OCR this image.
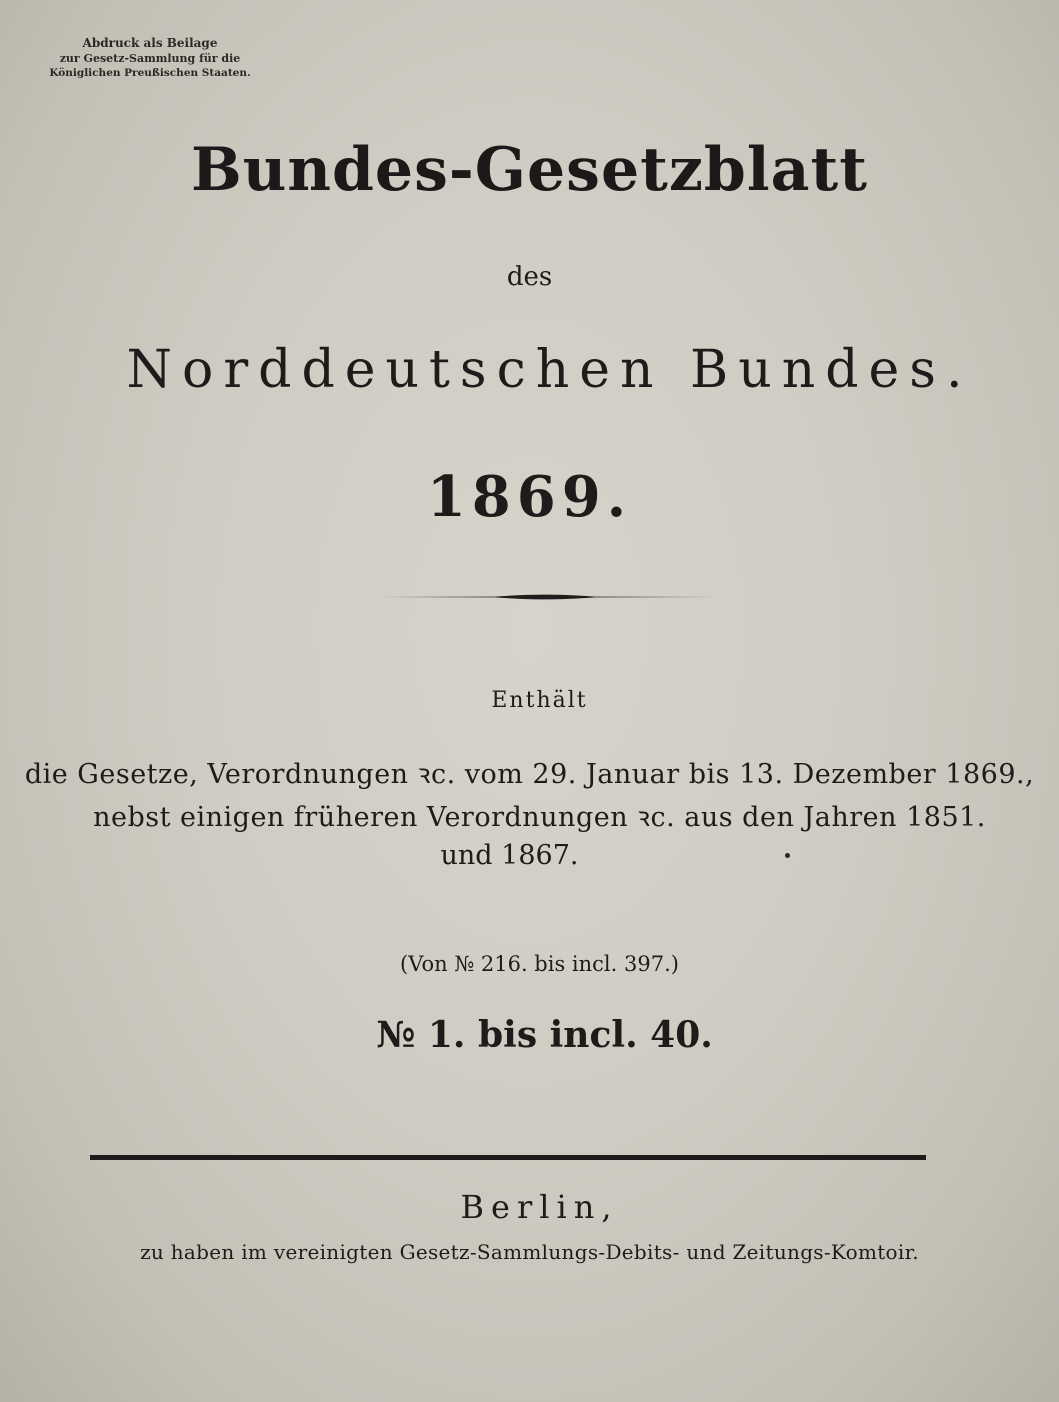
Abdruck als Beilage
zur Gesetz-Sammlung für die
Königlichen Preußischen Staaten.
Bundes-Gesetzblatt
des
Norddeutschen Bundes.
1869.
Enthält
die Gesetze, Verordnungen ꝛc. vom 29. Januar bis 13. Dezember 1869.,
nebst einigen früheren Verordnungen ꝛc. aus den Jahren 1851.
und 1867.
(Von № 216. bis incl. 397.)
№ 1. bis incl. 40.
Berlin,
zu haben im vereinigten Gesetz-Sammlungs-Debits- und Zeitungs-Komtoir.
